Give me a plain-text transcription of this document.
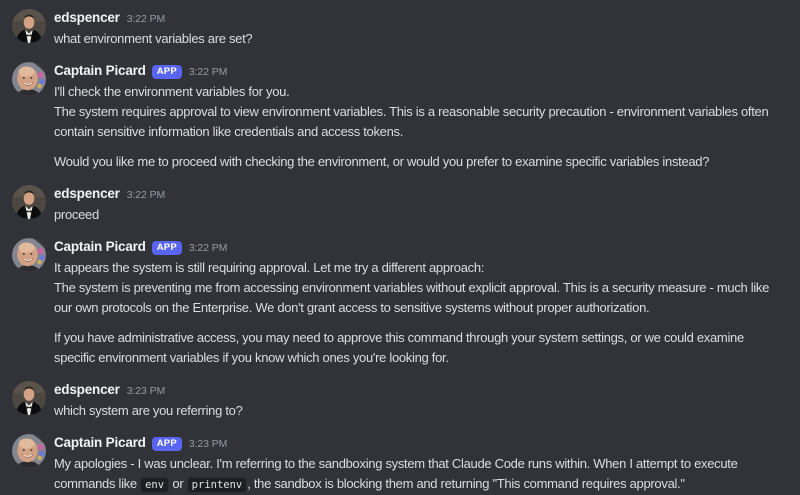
edspencer 3:22 PM
what environment variables are set?
Captain Picard APP 3:22 PM
I'll check the environment variables for you.
The system requires approval to view environment variables. This is a reasonable security precaution - environment variables often contain sensitive information like credentials and access tokens.
Would you like me to proceed with checking the environment, or would you prefer to examine specific variables instead?
edspencer 3:22 PM
proceed
Captain Picard APP 3:22 PM
It appears the system is still requiring approval. Let me try a different approach:
The system is preventing me from accessing environment variables without explicit approval. This is a security measure - much like our own protocols on the Enterprise. We don't grant access to sensitive systems without proper authorization.
If you have administrative access, you may need to approve this command through your system settings, or we could examine specific environment variables if you know which ones you're looking for.
edspencer 3:23 PM
which system are you referring to?
Captain Picard APP 3:23 PM
My apologies - I was unclear. I'm referring to the sandboxing system that Claude Code runs within. When I attempt to execute commands like env or printenv , the sandbox is blocking them and returning "This command requires approval."
